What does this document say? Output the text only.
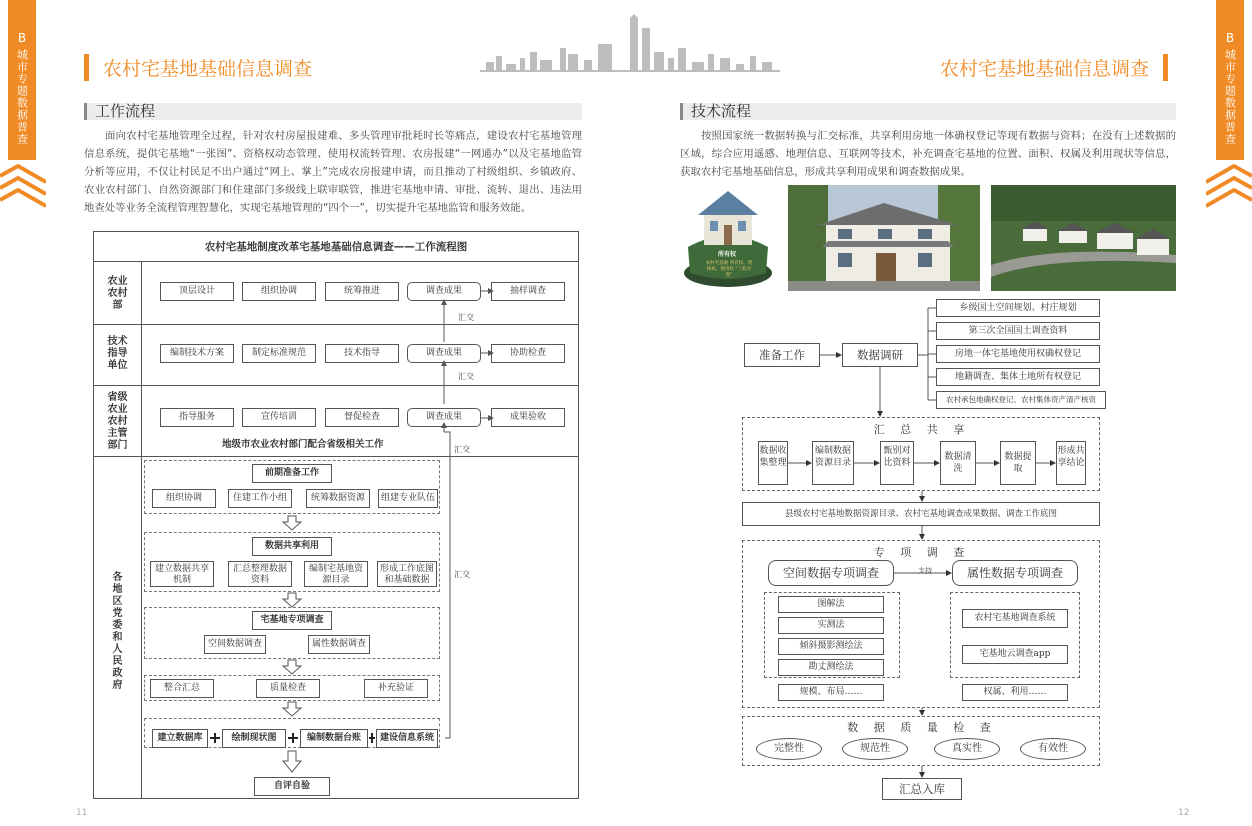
B
城市专题数据普查
B
城市专题数据普查
农村宅基地基础信息调查	农村宅基地基础信息调查
工作流程
面向农村宅基地管理全过程，针对农村房屋报建难、多头管理审批耗时长等痛点，建设农村宅基地管理信息系统，提供宅基地“一张图”、资格权动态管理、使用权流转管理、农房报建“一网通办”以及宅基地监管分析等应用，不仅让村民足不出户通过“网上、掌上”完成农房报建申请，而且推动了村级组织、乡镇政府、农业农村部门、自然资源部门和住建部门多级线上联审联管，推进宅基地申请、审批、流转、退出、违法用地查处等业务全流程管理智慧化，实现宅基地管理的“四个一”，切实提升宅基地监管和服务效能。
农村宅基地制度改革宅基地基础信息调查——工作流程图
农业农村部
技术指导单位
省级农业农村主管部门
各地区党委和人民政府
顶层设计	组织协调	统筹推进	调查成果	抽样调查
汇交
编制技术方案	制定标准规范	技术指导	调查成果	协助检查
汇交
指导服务	宣传培训	督促检查	调查成果	成果验收
地级市农业农村部门配合省级相关工作	汇交
前期准备工作
组织协调	住建工作小组	统筹数据资源	组建专业队伍
数据共享利用
建立数据共享机制
汇总整理数据资料
编制宅基地资源目录
形成工作底图和基础数据
汇交
宅基地专项调查
空间数据调查	属性数据调查
整合汇总	质量检查	补充验证
建立数据库	绘制现状图	编制数据台账	建设信息系统
自评自验
技术流程
按照国家统一数据转换与汇交标准，共享利用房地一体确权登记等现有数据与资料；在没有上述数据的区域，综合应用遥感、地理信息、互联网等技术，补充调查宅基地的位置、面积、权属及利用现状等信息，获取农村宅基地基础信息，形成共享利用成果和调查数据成果。
所有权
资格权	使用权
农村宅基地 所有权、资格权、使用权 “三权分置”
乡级国土空间规划、村庄规划
第三次全国国土调查资料
房地一体宅基地使用权确权登记
地籍调查、集体土地所有权登记
农村承包地确权登记、农村集体资产清产核资
准备工作	数据调研
汇 总 共 享
数据收集整理
编制数据资源目录
甄别对比资料
数据清洗
数据提取
形成共享结论
县级农村宅基地数据资源目录、农村宅基地调查成果数据、调查工作底图
专 项 调 查
空间数据专项调查	支持	属性数据专项调查
图解法
实测法
倾斜摄影测绘法
勘丈测绘法
规模、布局……
农村宅基地调查系统
宅基地云调查app
权属、利用……
数 据 质 量 检 查
完整性	规范性	真实性	有效性
汇总入库
11	12
